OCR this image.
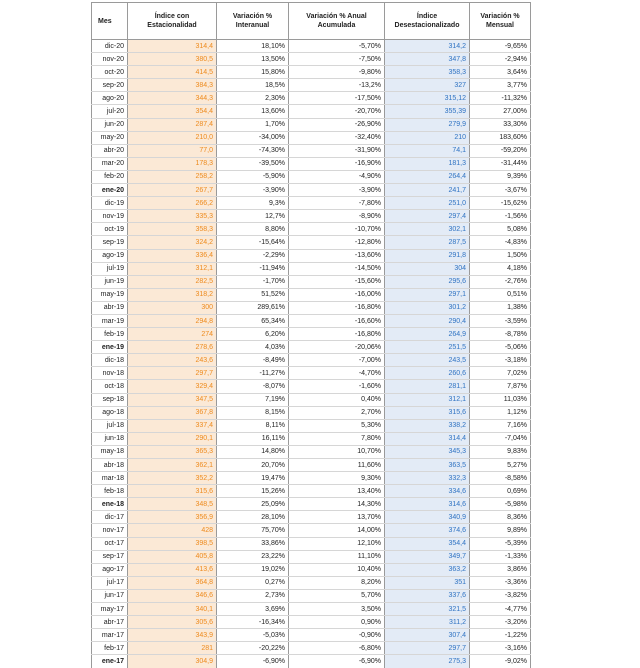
Mes	Índice con Estacionalidad	Variación % Interanual	Variación % Anual Acumulada	Índice Desestacionalizado	Variación % Mensual
dic-20	314,4	18,10%	-5,70%	314,2	-9,65%
nov-20	380,5	13,50%	-7,50%	347,8	-2,94%
oct-20	414,5	15,80%	-9,80%	358,3	3,64%
sep-20	384,3	18,5%	-13,2%	327	3,77%
ago-20	344,3	2,30%	-17,50%	315,12	-11,32%
jul-20	354,4	13,60%	-20,70%	355,39	27,00%
jun-20	287,4	1,70%	-26,90%	279,9	33,30%
may-20	210,0	-34,00%	-32,40%	210	183,60%
abr-20	77,0	-74,30%	-31,90%	74,1	-59,20%
mar-20	178,3	-39,50%	-16,90%	181,3	-31,44%
feb-20	258,2	-5,90%	-4,90%	264,4	9,39%
ene-20	267,7	-3,90%	-3,90%	241,7	-3,67%
dic-19	266,2	9,3%	-7,80%	251,0	-15,62%
nov-19	335,3	12,7%	-8,90%	297,4	-1,56%
oct-19	358,3	8,80%	-10,70%	302,1	5,08%
sep-19	324,2	-15,64%	-12,80%	287,5	-4,83%
ago-19	336,4	-2,29%	-13,60%	291,8	1,50%
jul-19	312,1	-11,94%	-14,50%	304	4,18%
jun-19	282,5	-1,70%	-15,60%	295,6	-2,76%
may-19	318,2	51,52%	-16,00%	297,1	0,51%
abr-19	300	289,61%	-16,80%	301,2	1,38%
mar-19	294,8	65,34%	-16,60%	290,4	-3,59%
feb-19	274	6,20%	-16,80%	264,9	-8,78%
ene-19	278,6	4,03%	-20,06%	251,5	-5,06%
dic-18	243,6	-8,49%	-7,00%	243,5	-3,18%
nov-18	297,7	-11,27%	-4,70%	260,6	7,02%
oct-18	329,4	-8,07%	-1,60%	281,1	7,87%
sep-18	347,5	7,19%	0,40%	312,1	11,03%
ago-18	367,8	8,15%	2,70%	315,6	1,12%
jul-18	337,4	8,11%	5,30%	338,2	7,16%
jun-18	290,1	16,11%	7,80%	314,4	-7,04%
may-18	365,3	14,80%	10,70%	345,3	9,83%
abr-18	362,1	20,70%	11,60%	363,5	5,27%
mar-18	352,2	19,47%	9,30%	332,3	-8,58%
feb-18	315,6	15,26%	13,40%	334,6	0,69%
ene-18	348,5	25,09%	14,30%	314,6	-5,98%
dic-17	356,9	28,10%	13,70%	340,9	8,36%
nov-17	428	75,70%	14,00%	374,6	9,89%
oct-17	398,5	33,86%	12,10%	354,4	-5,39%
sep-17	405,8	23,22%	11,10%	349,7	-1,33%
ago-17	413,6	19,02%	10,40%	363,2	3,86%
jul-17	364,8	0,27%	8,20%	351	-3,36%
jun-17	346,6	2,73%	5,70%	337,6	-3,82%
may-17	340,1	3,69%	3,50%	321,5	-4,77%
abr-17	305,6	-16,34%	0,90%	311,2	-3,20%
mar-17	343,9	-5,03%	-0,90%	307,4	-1,22%
feb-17	281	-20,22%	-6,80%	297,7	-3,16%
ene-17	304,9	-6,90%	-6,90%	275,3	-9,02%
